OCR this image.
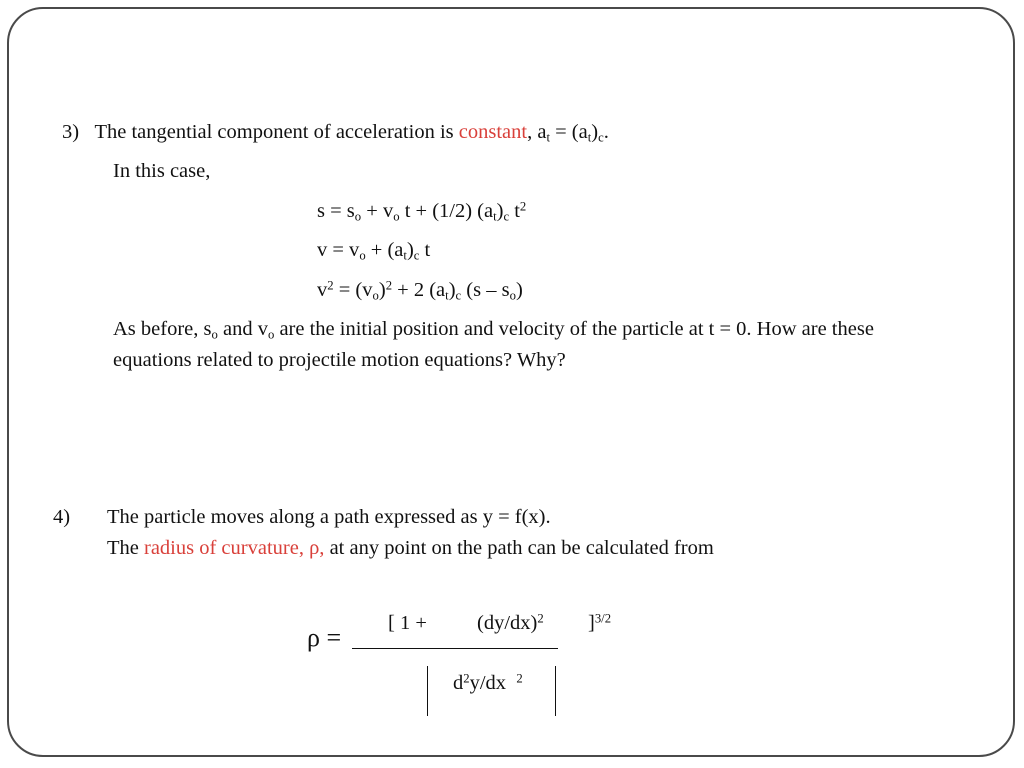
3) The tangential component of acceleration is constant, $a_t = (a_t)_c$.
In this case,
$s = s_o + v_o$ t + (1/2) $(a_t)_c$ $t^2$
$v = v_o + (a_t)_c$ t
$v^2 = (v_o)^2 + 2$ $(a_t)_c$ $(s - s_o)$
As before, $s_o$ and $v_o$ are the initial position and velocity of the particle at t = 0. How are these
equations related to projectile motion equations? Why?
4) The particle moves along a path expressed as y = f(x).
The radius of curvature, ρ, at any point on the path can be calculated from
ρ = [ $1 + (dy/dx)^2$ ]$^{3/2}$
$d^2y/dx$ $^2$
